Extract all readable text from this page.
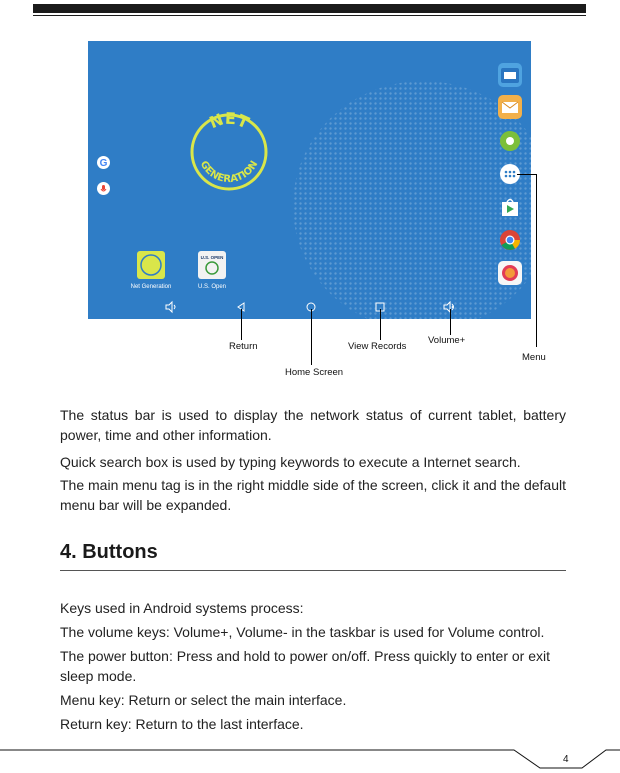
NET
GENERATION
G
Net Generation
U.S. OPEN
U.S. Open
Return
Home Screen
View Records
Volume+
Menu

The status bar is used to display the network status of current tablet, battery power, time and other information.

Quick search box is used by typing keywords to execute a Internet search.

The main menu tag is in the right middle side of the screen, click it and the default menu bar will be expanded.

4. Buttons

Keys used in Android systems process:

The volume keys: Volume+, Volume- in the taskbar is used for Volume control.

The power button: Press and hold to power on/off. Press quickly to enter or exit sleep mode.

Menu key: Return or select the main interface.

Return key: Return to the last interface.

4
